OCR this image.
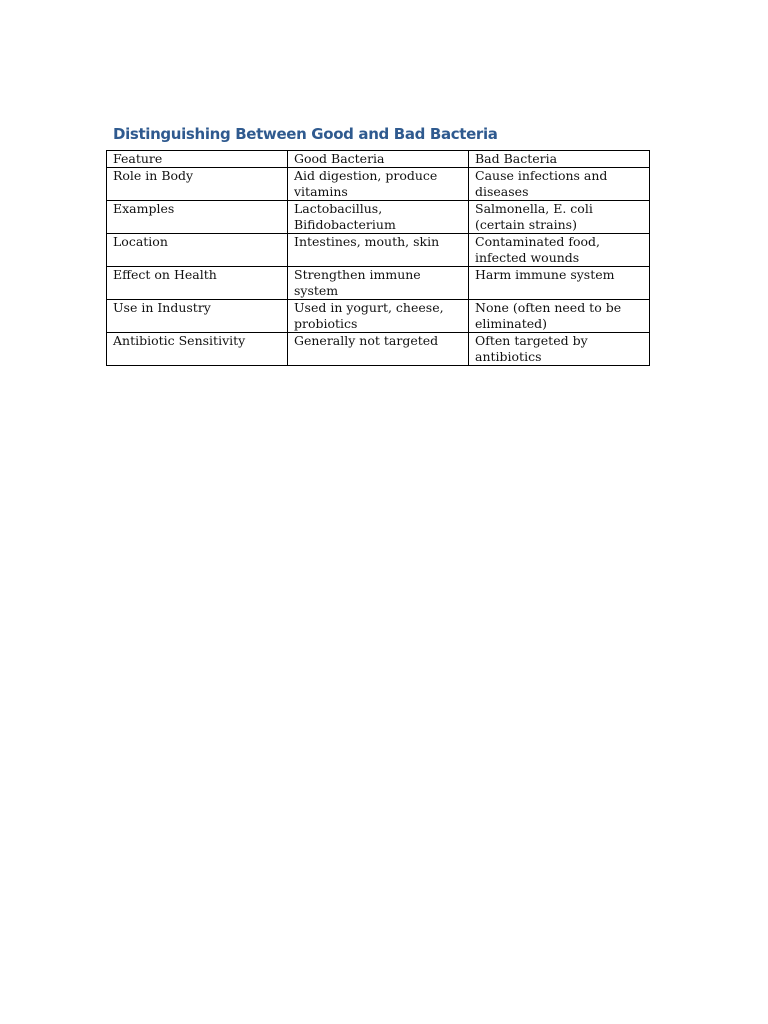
Distinguishing Between Good and Bad Bacteria
Feature	Good Bacteria	Bad Bacteria
Role in Body	Aid digestion, produce vitamins	Cause infections and diseases
Examples	Lactobacillus, Bifidobacterium	Salmonella, E. coli (certain strains)
Location	Intestines, mouth, skin	Contaminated food, infected wounds
Effect on Health	Strengthen immune system	Harm immune system
Use in Industry	Used in yogurt, cheese, probiotics	None (often need to be eliminated)
Antibiotic Sensitivity	Generally not targeted	Often targeted by antibiotics
